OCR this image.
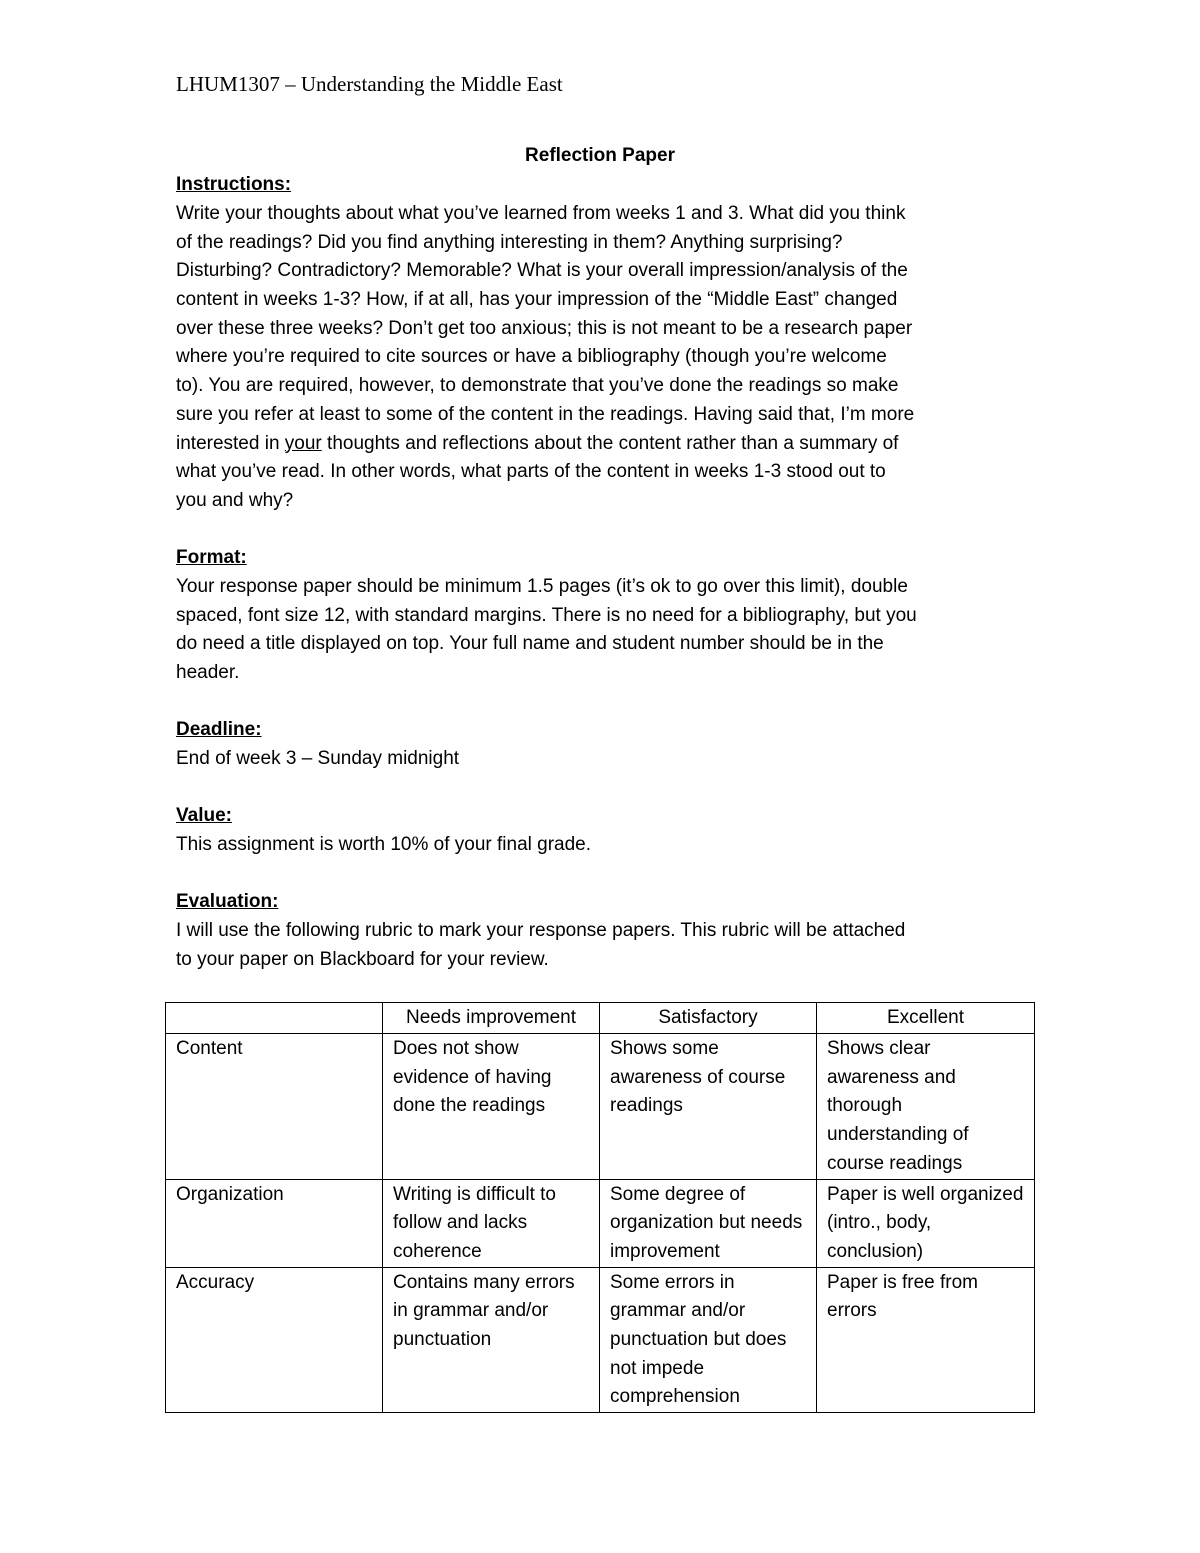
LHUM1307 – Understanding the Middle East
Reflection Paper
Instructions:
Write your thoughts about what you’ve learned from weeks 1 and 3. What did you think
of the readings? Did you find anything interesting in them? Anything surprising?
Disturbing? Contradictory? Memorable? What is your overall impression/analysis of the
content in weeks 1-3? How, if at all, has your impression of the “Middle East” changed
over these three weeks? Don’t get too anxious; this is not meant to be a research paper
where you’re required to cite sources or have a bibliography (though you’re welcome
to). You are required, however, to demonstrate that you’ve done the readings so make
sure you refer at least to some of the content in the readings. Having said that, I’m more
interested in your thoughts and reflections about the content rather than a summary of
what you’ve read. In other words, what parts of the content in weeks 1-3 stood out to
you and why?
Format:
Your response paper should be minimum 1.5 pages (it’s ok to go over this limit), double
spaced, font size 12, with standard margins. There is no need for a bibliography, but you
do need a title displayed on top. Your full name and student number should be in the
header.
Deadline:
End of week 3 – Sunday midnight
Value:
This assignment is worth 10% of your final grade.
Evaluation:
I will use the following rubric to mark your response papers. This rubric will be attached
to your paper on Blackboard for your review.
	Needs improvement	Satisfactory	Excellent
Content	Does not show evidence of having done the readings	Shows some awareness of course readings	Shows clear awareness and thorough understanding of course readings
Organization	Writing is difficult to follow and lacks coherence	Some degree of organization but needs improvement	Paper is well organized (intro., body, conclusion)
Accuracy	Contains many errors in grammar and/or punctuation	Some errors in grammar and/or punctuation but does not impede comprehension	Paper is free from errors
